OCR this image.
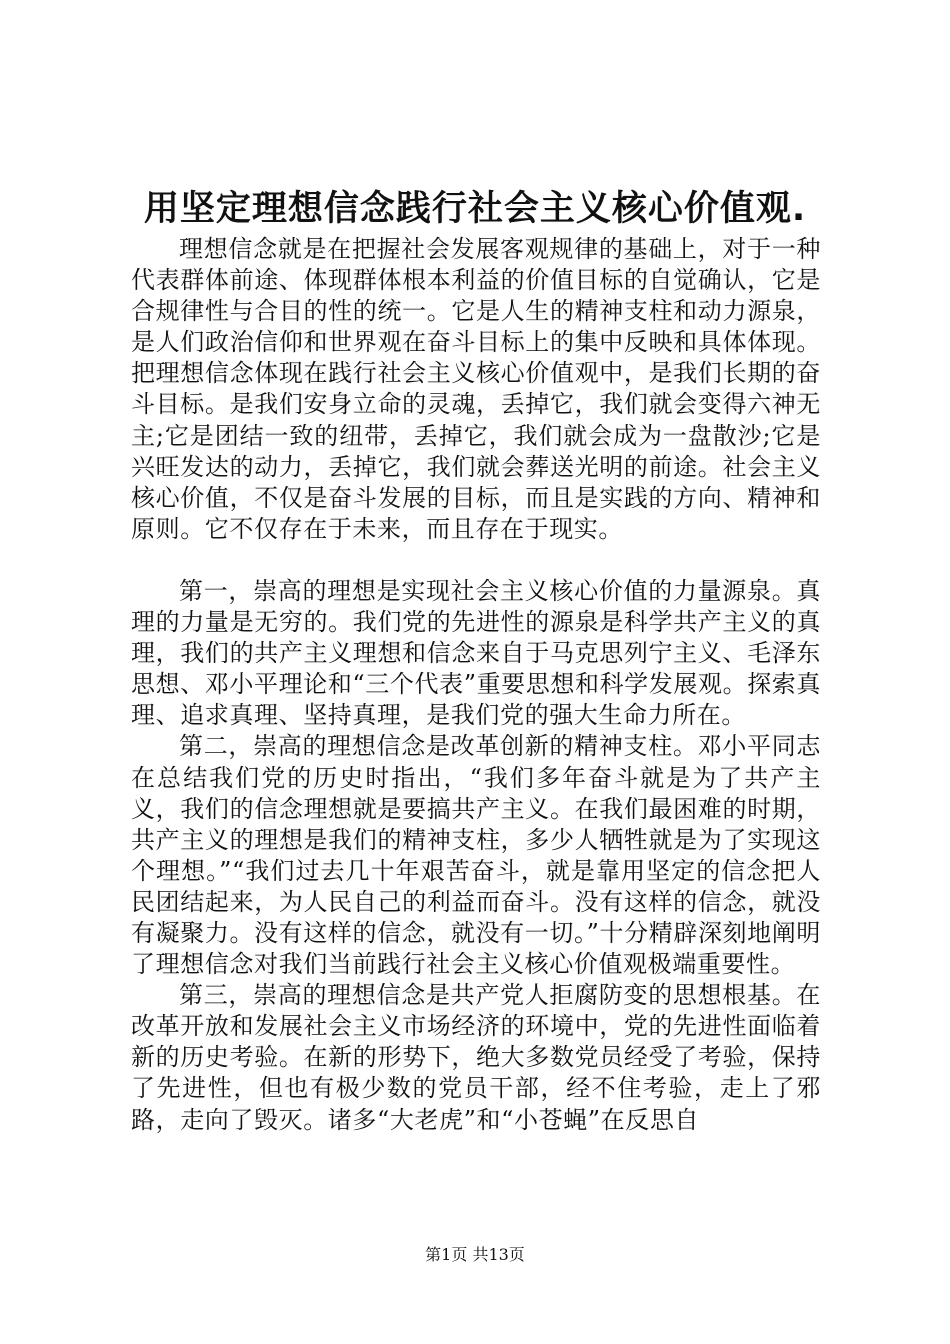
用坚定理想信念践行社会主义核心价值观.

理想信念就是在把握社会发展客观规律的基础上，对于一种代表群体前途、体现群体根本利益的价值目标的自觉确认，它是合规律性与合目的性的统一。它是人生的精神支柱和动力源泉，是人们政治信仰和世界观在奋斗目标上的集中反映和具体体现。把理想信念体现在践行社会主义核心价值观中，是我们长期的奋斗目标。是我们安身立命的灵魂，丢掉它，我们就会变得六神无主;它是团结一致的纽带，丢掉它，我们就会成为一盘散沙;它是兴旺发达的动力，丢掉它，我们就会葬送光明的前途。社会主义核心价值，不仅是奋斗发展的目标，而且是实践的方向、精神和原则。它不仅存在于未来，而且存在于现实。

第一，崇高的理想是实现社会主义核心价值的力量源泉。真理的力量是无穷的。我们党的先进性的源泉是科学共产主义的真理，我们的共产主义理想和信念来自于马克思列宁主义、毛泽东思想、邓小平理论和“三个代表”重要思想和科学发展观。探索真理、追求真理、坚持真理，是我们党的强大生命力所在。

第二，崇高的理想信念是改革创新的精神支柱。邓小平同志在总结我们党的历史时指出，“我们多年奋斗就是为了共产主义，我们的信念理想就是要搞共产主义。在我们最困难的时期，共产主义的理想是我们的精神支柱，多少人牺牲就是为了实现这个理想。”“我们过去几十年艰苦奋斗，就是靠用坚定的信念把人民团结起来，为人民自己的利益而奋斗。没有这样的信念，就没有凝聚力。没有这样的信念，就没有一切。”十分精辟深刻地阐明了理想信念对我们当前践行社会主义核心价值观极端重要性。

第三，崇高的理想信念是共产党人拒腐防变的思想根基。在改革开放和发展社会主义市场经济的环境中，党的先进性面临着新的历史考验。在新的形势下，绝大多数党员经受了考验，保持了先进性，但也有极少数的党员干部，经不住考验，走上了邪路，走向了毁灭。诸多“大老虎”和“小苍蝇”在反思自

第1页 共13页
